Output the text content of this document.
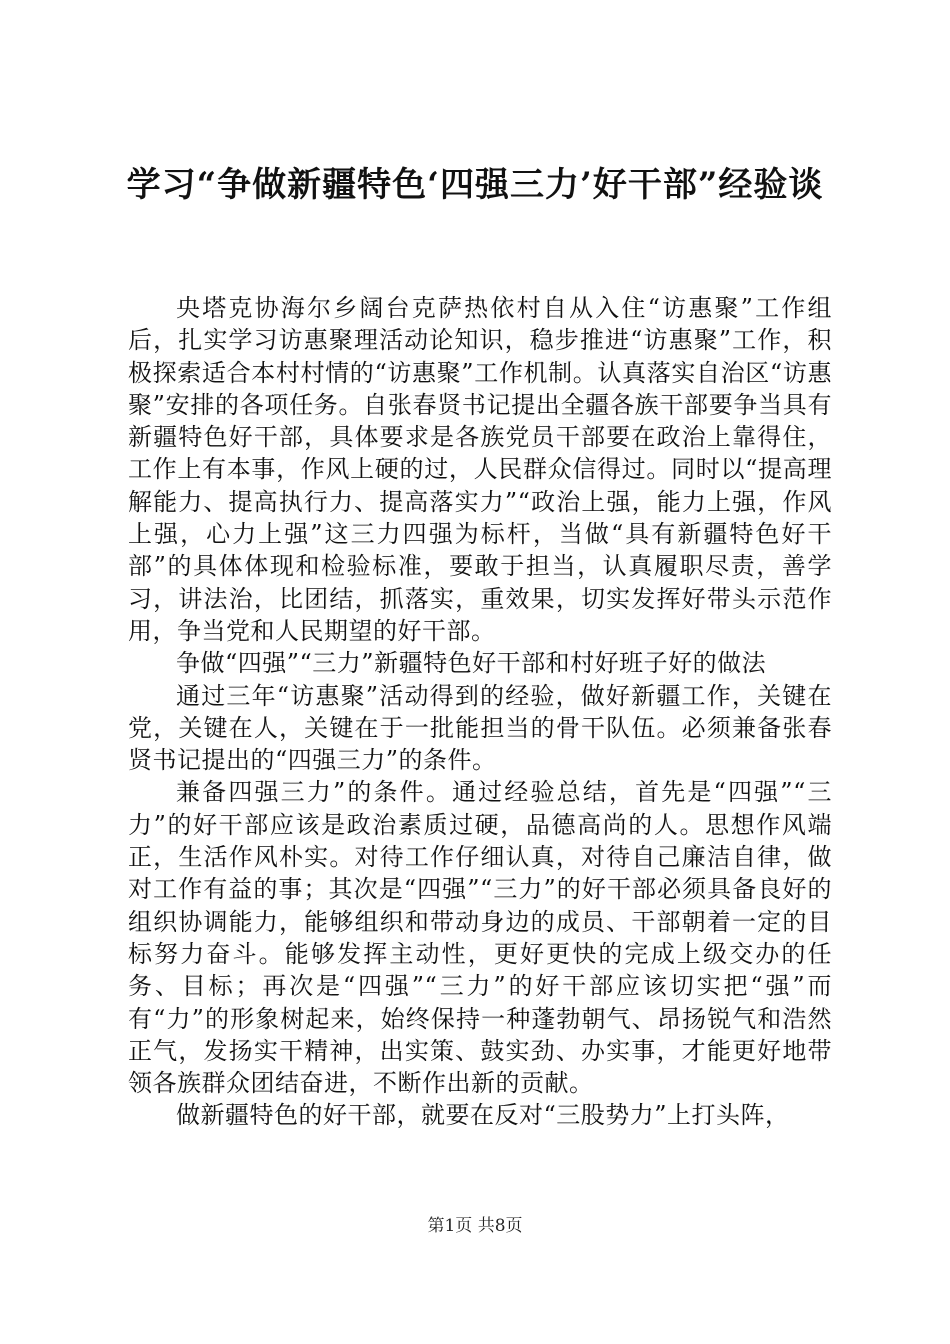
学习“争做新疆特色‘四强三力’好干部”经验谈

央塔克协海尔乡阔台克萨热依村自从入住“访惠聚”工作组后，扎实学习访惠聚理活动论知识，稳步推进“访惠聚”工作，积极探索适合本村村情的“访惠聚”工作机制。认真落实自治区“访惠聚”安排的各项任务。自张春贤书记提出全疆各族干部要争当具有新疆特色好干部，具体要求是各族党员干部要在政治上靠得住，工作上有本事，作风上硬的过，人民群众信得过。同时以“提高理解能力、提高执行力、提高落实力”“政治上强，能力上强，作风上强，心力上强”这三力四强为标杆，当做“具有新疆特色好干部”的具体体现和检验标准，要敢于担当，认真履职尽责，善学习，讲法治，比团结，抓落实，重效果，切实发挥好带头示范作用，争当党和人民期望的好干部。

争做“四强”“三力”新疆特色好干部和村好班子好的做法

通过三年“访惠聚”活动得到的经验，做好新疆工作，关键在党，关键在人，关键在于一批能担当的骨干队伍。必须兼备张春贤书记提出的“四强三力”的条件。

兼备四强三力”的条件。通过经验总结，首先是“四强”“三力”的好干部应该是政治素质过硬，品德高尚的人。思想作风端正，生活作风朴实。对待工作仔细认真，对待自己廉洁自律，做对工作有益的事；其次是“四强”“三力”的好干部必须具备良好的组织协调能力，能够组织和带动身边的成员、干部朝着一定的目标努力奋斗。能够发挥主动性，更好更快的完成上级交办的任务、目标；再次是“四强”“三力”的好干部应该切实把“强”而有“力”的形象树起来，始终保持一种蓬勃朝气、昂扬锐气和浩然正气，发扬实干精神，出实策、鼓实劲、办实事，才能更好地带领各族群众团结奋进，不断作出新的贡献。

做新疆特色的好干部，就要在反对“三股势力”上打头阵，

第1页 共8页
